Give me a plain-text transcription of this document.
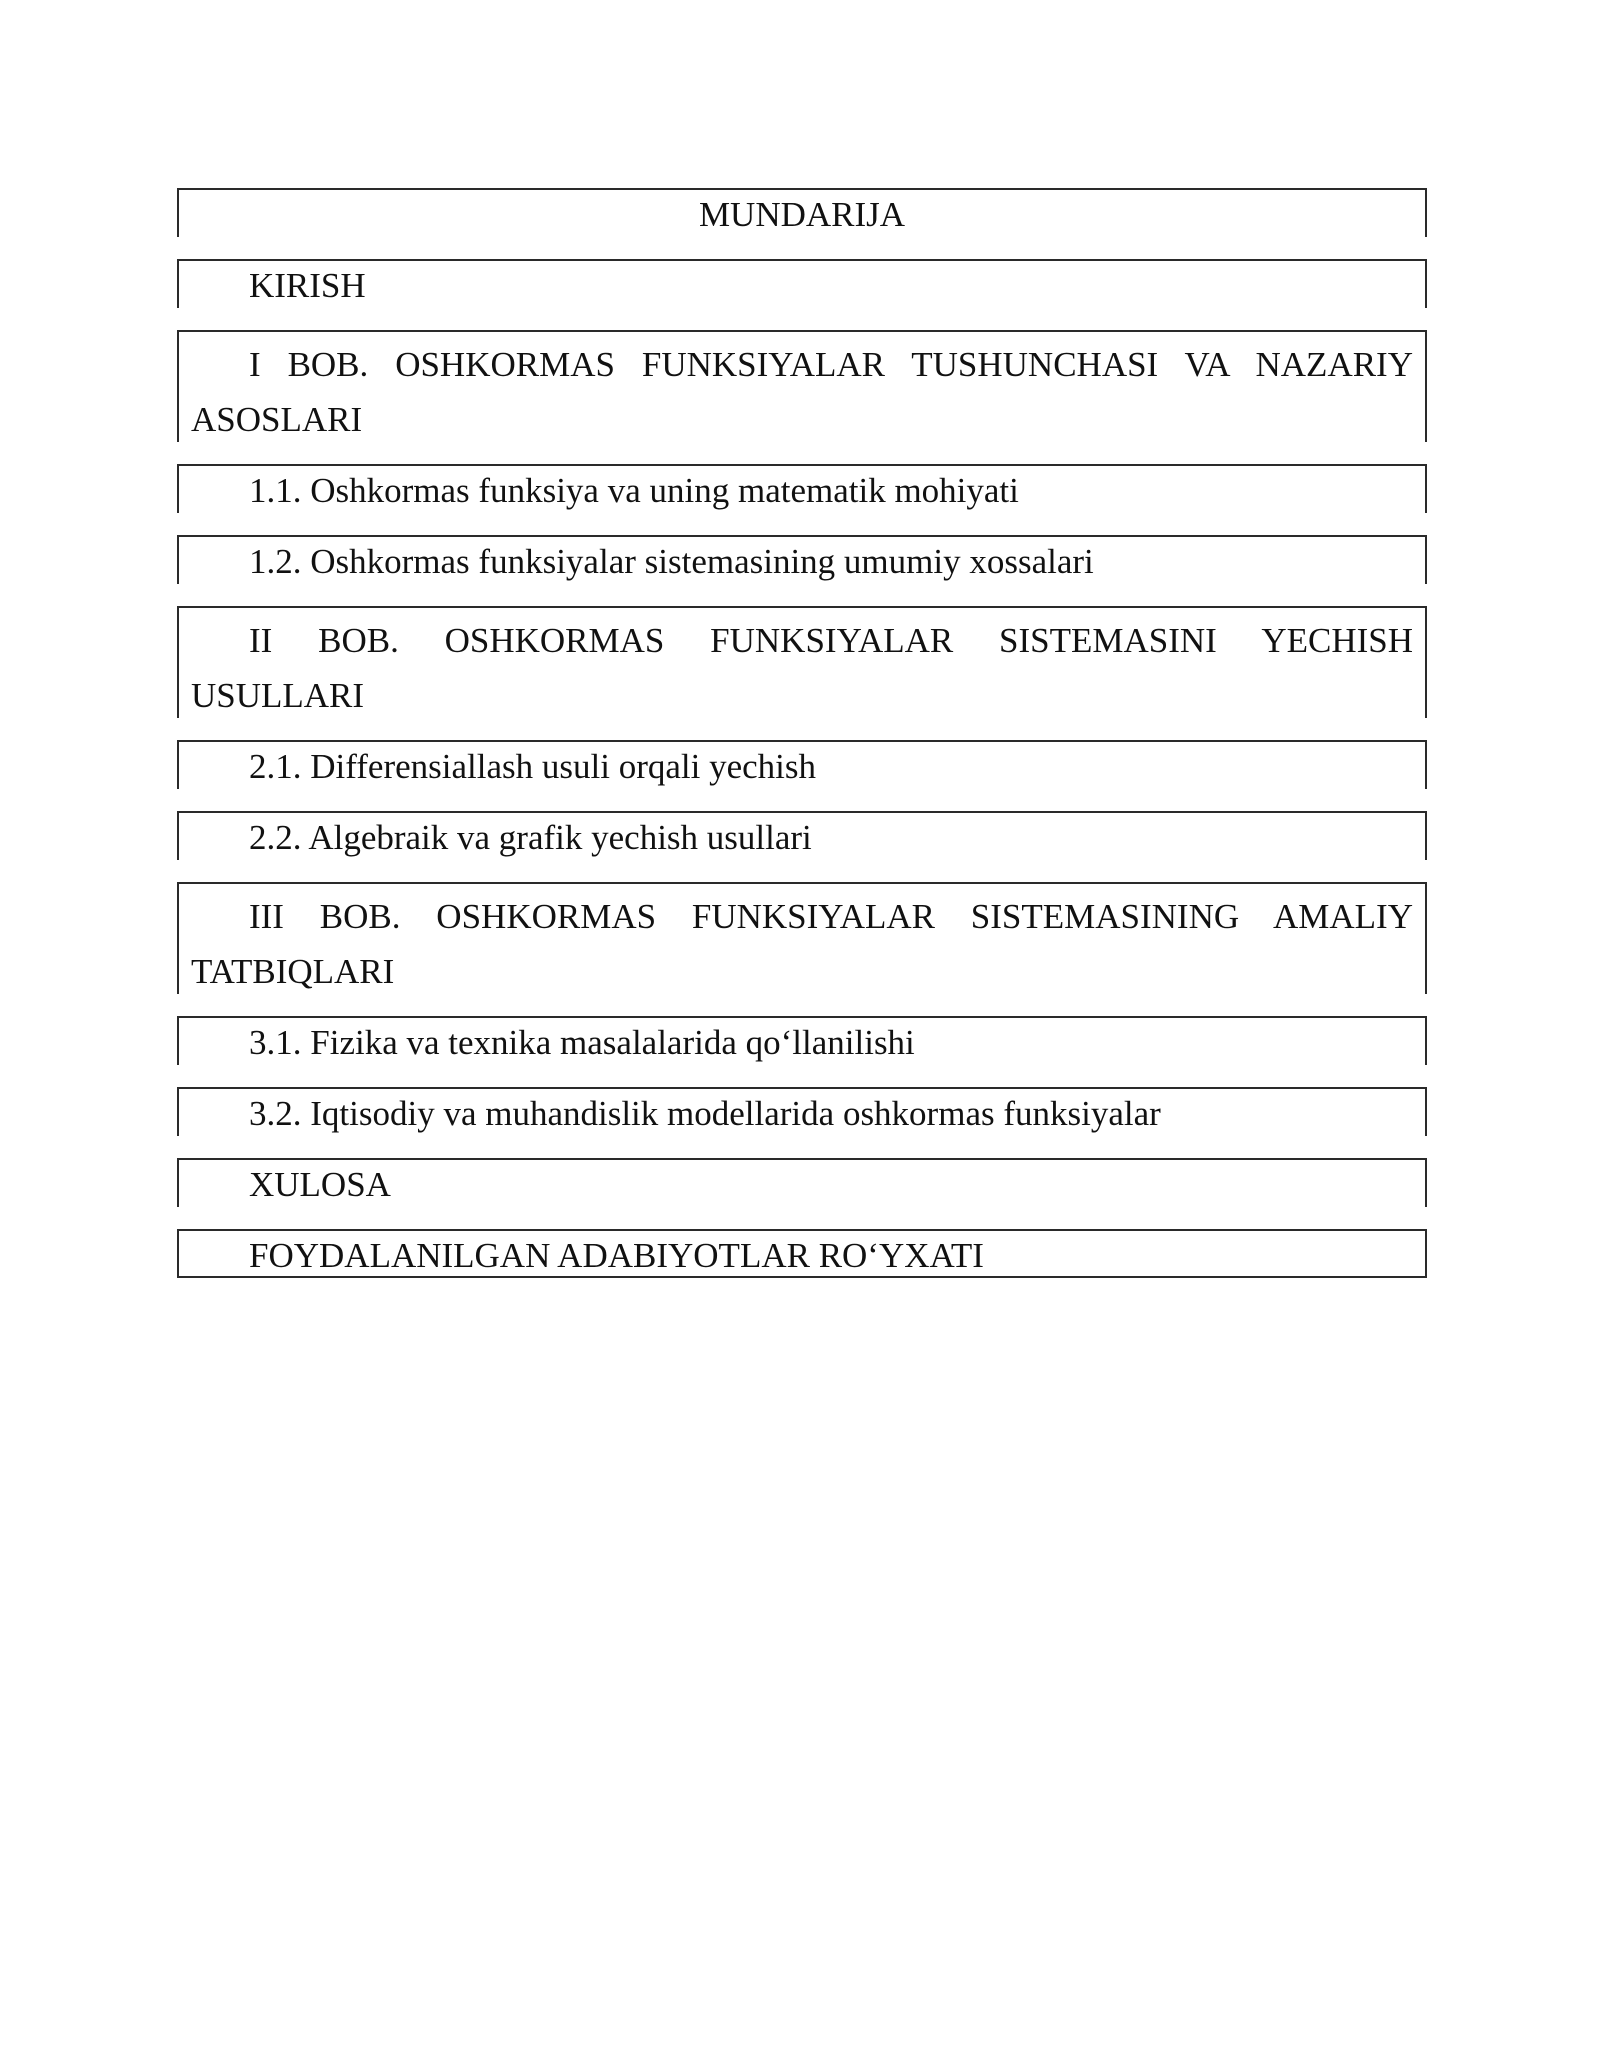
MUNDARIJA
KIRISH
I BOB. OSHKORMAS FUNKSIYALAR TUSHUNCHASI VA NAZARIY
ASOSLARI
1.1. Oshkormas funksiya va uning matematik mohiyati
1.2. Oshkormas funksiyalar sistemasining umumiy xossalari
II BOB. OSHKORMAS FUNKSIYALAR SISTEMASINI YECHISH
USULLARI
2.1. Differensiallash usuli orqali yechish
2.2. Algebraik va grafik yechish usullari
III BOB. OSHKORMAS FUNKSIYALAR SISTEMASINING AMALIY
TATBIQLARI
3.1. Fizika va texnika masalalarida qo‘llanilishi
3.2. Iqtisodiy va muhandislik modellarida oshkormas funksiyalar
XULOSA
FOYDALANILGAN ADABIYOTLAR RO‘YXATI
